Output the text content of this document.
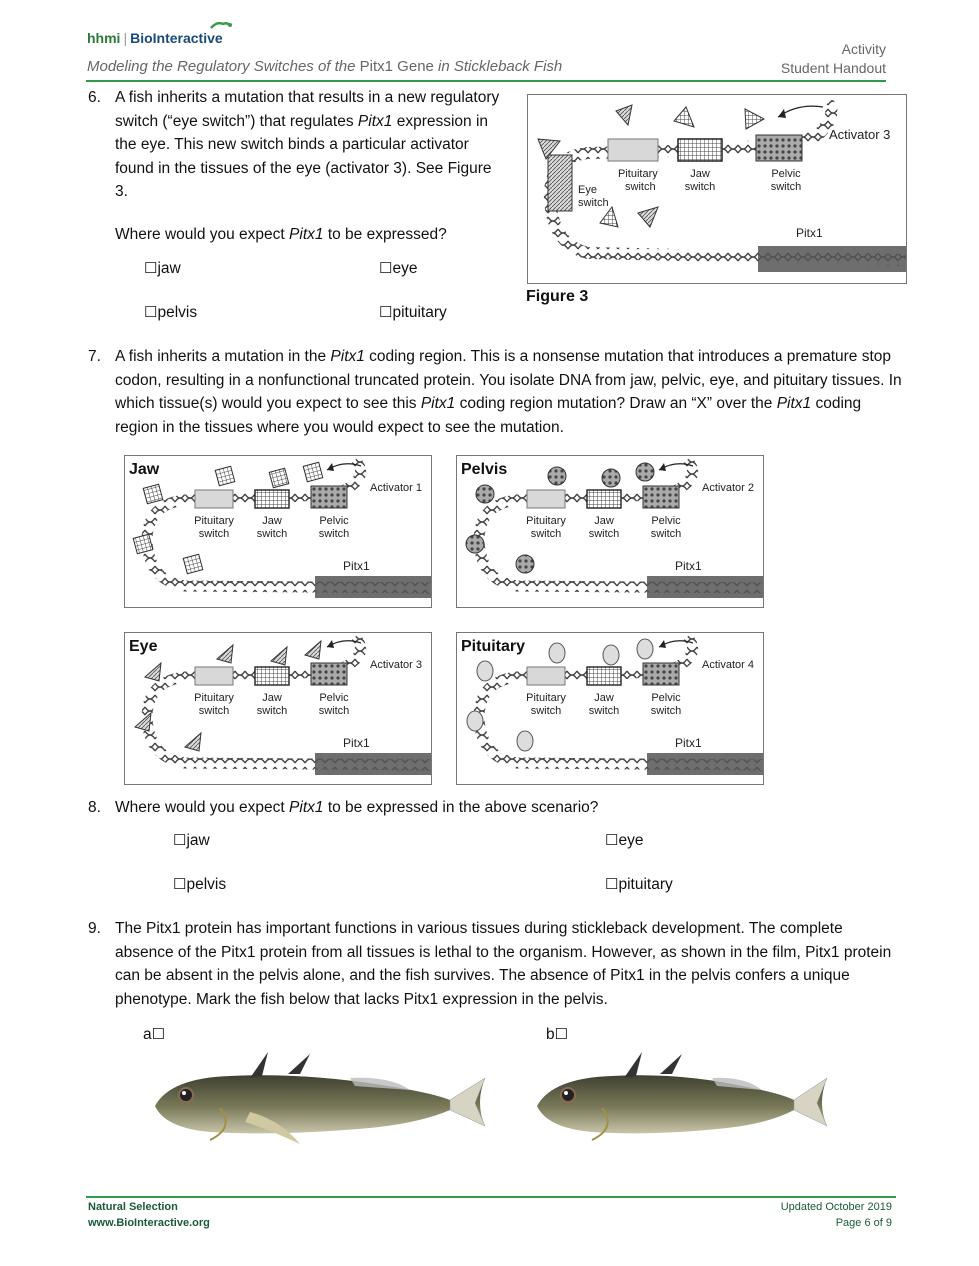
hhmi | BioInteractive
Modeling the Regulatory Switches of the Pitx1 Gene in Stickleback Fish
Activity
Student Handout
6. A fish inherits a mutation that results in a new regulatory switch (“eye switch”) that regulates Pitx1 expression in the eye. This new switch binds a particular activator found in the tissues of the eye (activator 3). See Figure 3.
Where would you expect Pitx1 to be expressed?
☐jaw	☐eye
☐pelvis	☐pituitary
Activator 3
Eye switch
Pituitary switch
Jaw switch
Pelvic switch
Pitx1
Figure 3
7. A fish inherits a mutation in the Pitx1 coding region. This is a nonsense mutation that introduces a premature stop codon, resulting in a nonfunctional truncated protein. You isolate DNA from jaw, pelvic, eye, and pituitary tissues. In which tissue(s) would you expect to see this Pitx1 coding region mutation? Draw an “X” over the Pitx1 coding region in the tissues where you would expect to see the mutation.
Jaw
Activator 1
Pituitary switch
Jaw switch
Pelvic switch
Pitx1
Pelvis
Activator 2
Pituitary switch
Jaw switch
Pelvic switch
Pitx1
Eye
Activator 3
Pituitary switch
Jaw switch
Pelvic switch
Pitx1
Pituitary
Activator 4
Pituitary switch
Jaw switch
Pelvic switch
Pitx1
8. Where would you expect Pitx1 to be expressed in the above scenario?
☐jaw	☐eye
☐pelvis	☐pituitary
9. The Pitx1 protein has important functions in various tissues during stickleback development. The complete absence of the Pitx1 protein from all tissues is lethal to the organism. However, as shown in the film, Pitx1 protein can be absent in the pelvis alone, and the fish survives. The absence of Pitx1 in the pelvis confers a unique phenotype. Mark the fish below that lacks Pitx1 expression in the pelvis.
a☐	b☐
Natural Selection
www.BioInteractive.org
Updated October 2019
Page 6 of 9
